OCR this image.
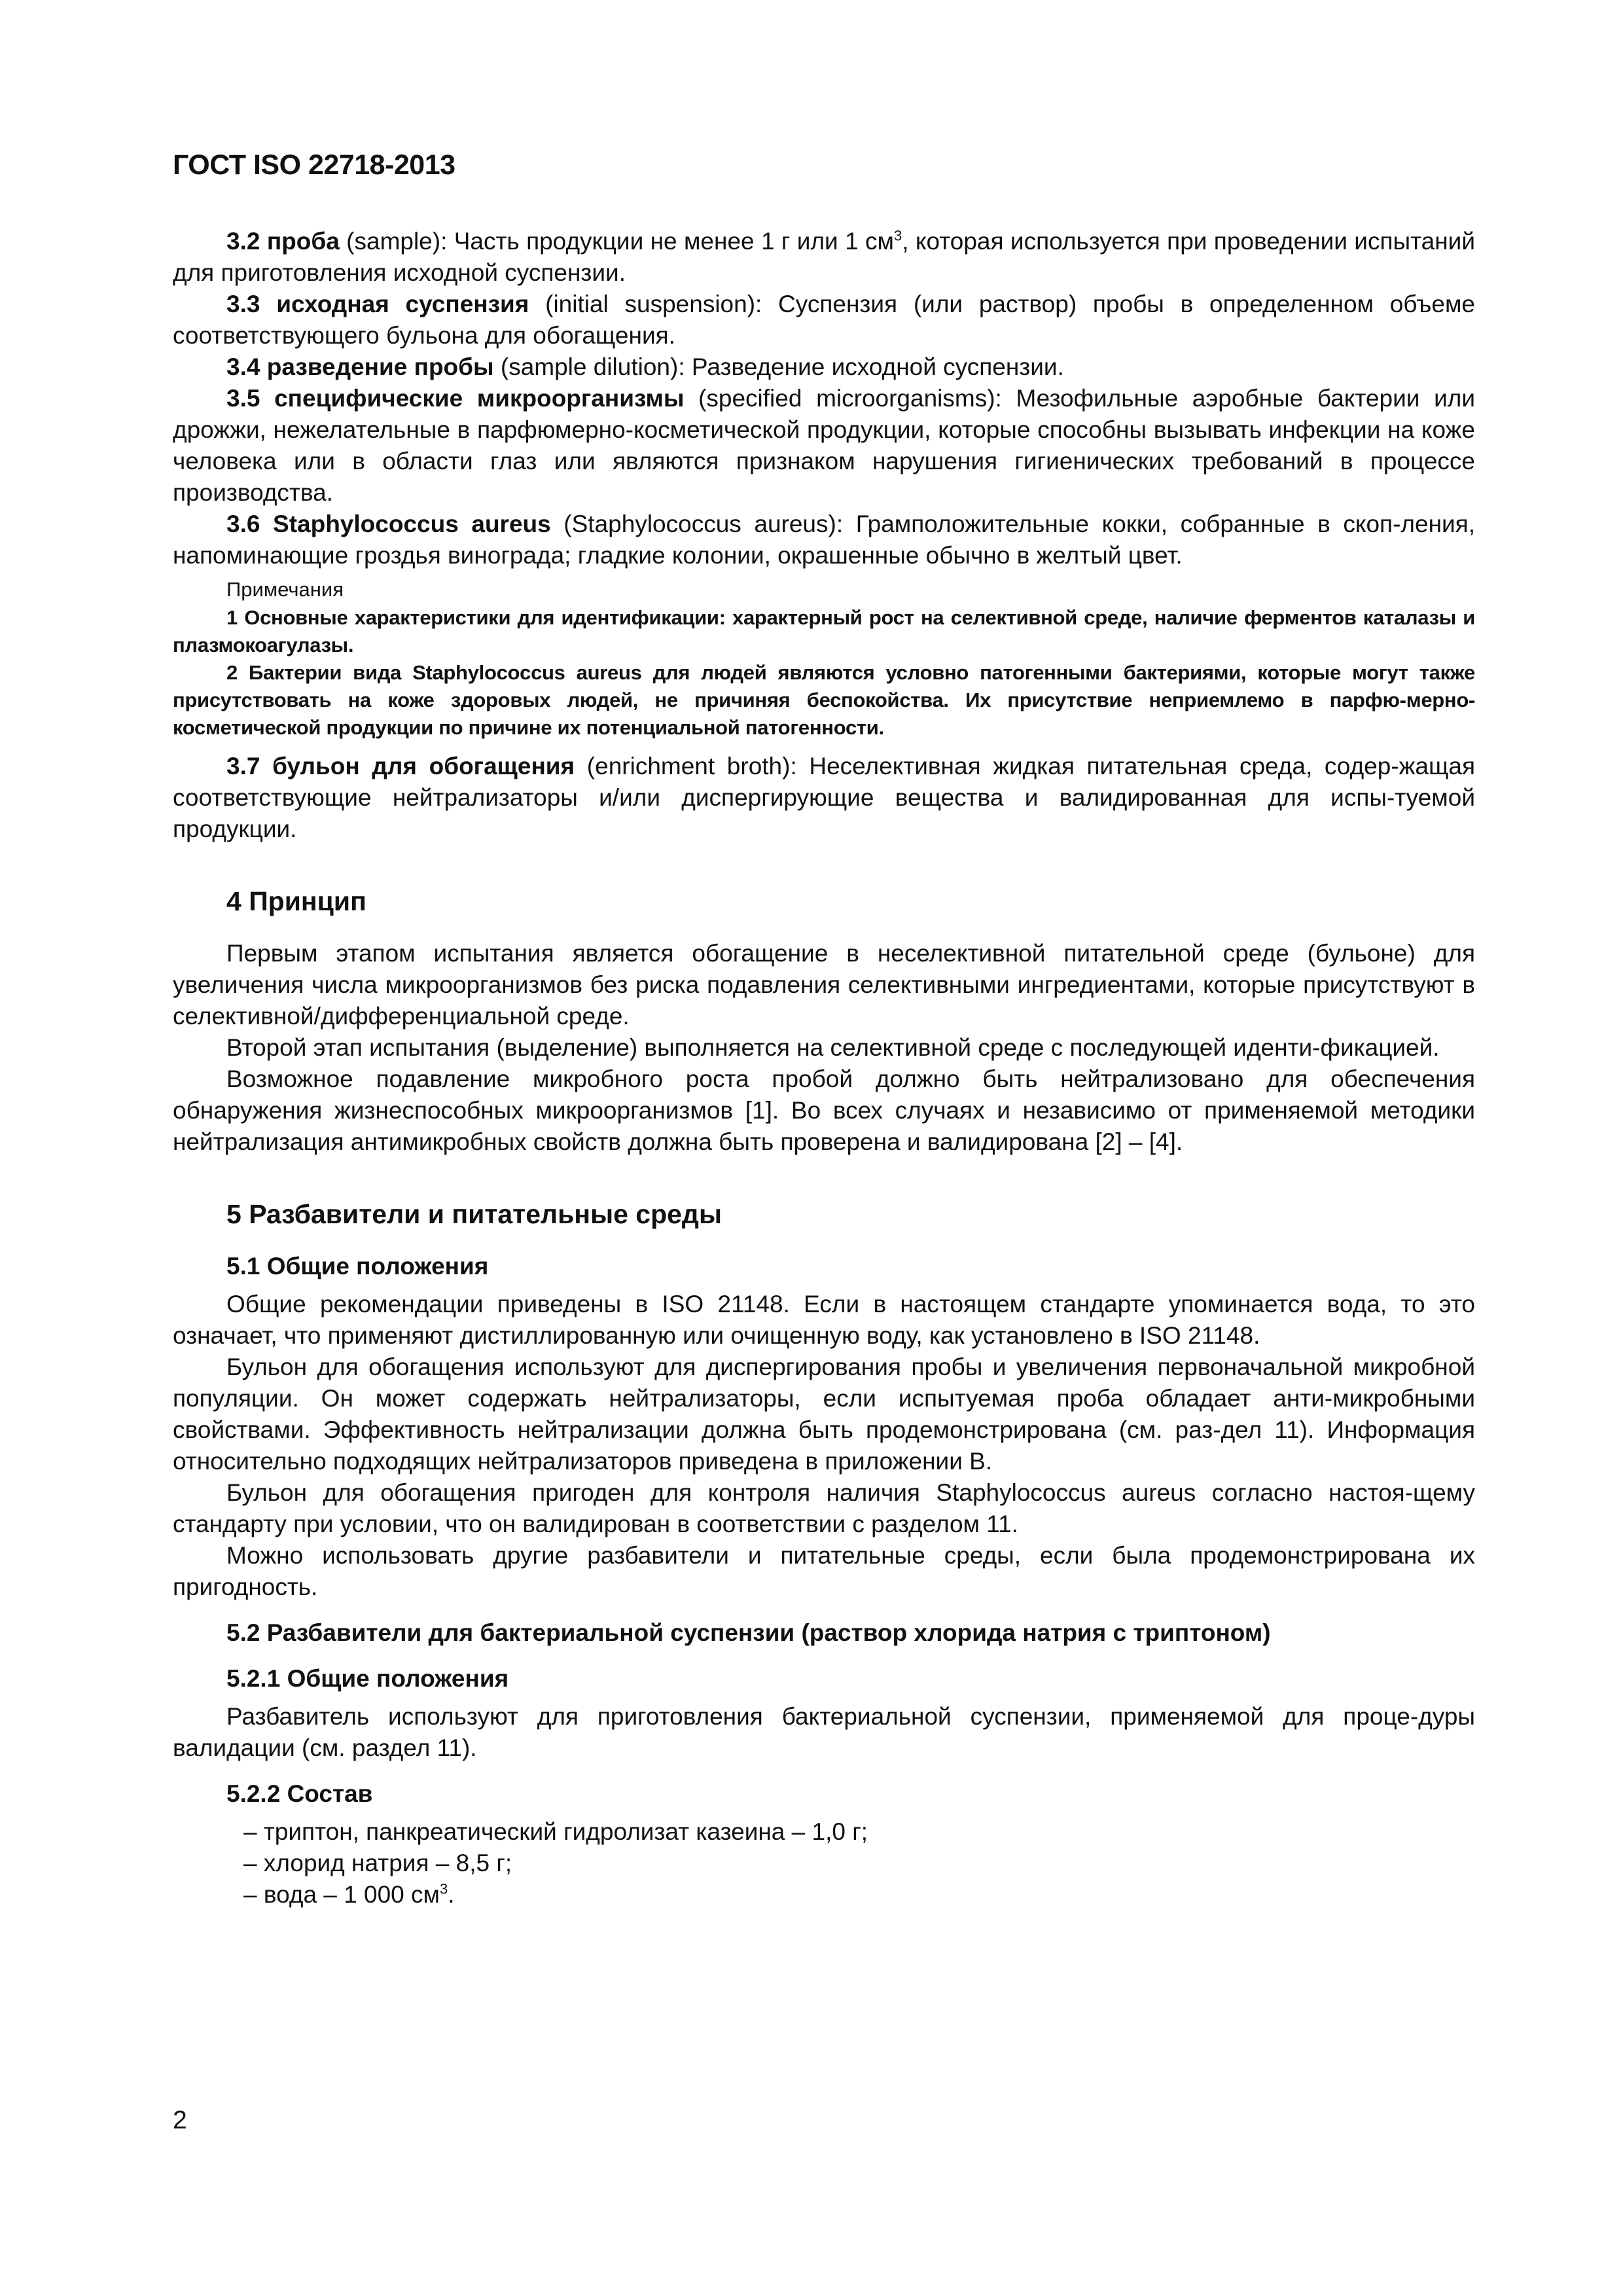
ГОСТ ISO 22718-2013

3.2 проба (sample): Часть продукции не менее 1 г или 1 $см^3$, которая используется при проведении испытаний для приготовления исходной суспензии.

3.3 исходная суспензия (initial suspension): Суспензия (или раствор) пробы в определенном объеме соответствующего бульона для обогащения.

3.4 разведение пробы (sample dilution): Разведение исходной суспензии.

3.5 специфические микроорганизмы (specified microorganisms): Мезофильные аэробные бактерии или дрожжи, нежелательные в парфюмерно-косметической продукции, которые способны вызывать инфекции на коже человека или в области глаз или являются признаком нарушения гигиенических требований в процессе производства.

3.6 Staphylococcus aureus (Staphylococcus aureus): Грамположительные кокки, собранные в скоп-ления, напоминающие гроздья винограда; гладкие колонии, окрашенные обычно в желтый цвет.

Примечания

1 Основные характеристики для идентификации: характерный рост на селективной среде, наличие ферментов каталазы и плазмокоагулазы.

2 Бактерии вида Staphylococcus aureus для людей являются условно патогенными бактериями, которые могут также присутствовать на коже здоровых людей, не причиняя беспокойства. Их присутствие неприемлемо в парфю-мерно-косметической продукции по причине их потенциальной патогенности.

3.7 бульон для обогащения (enrichment broth): Неселективная жидкая питательная среда, содер-жащая соответствующие нейтрализаторы и/или диспергирующие вещества и валидированная для испы-туемой продукции.

4 Принцип

Первым этапом испытания является обогащение в неселективной питательной среде (бульоне) для увеличения числа микроорганизмов без риска подавления селективными ингредиентами, которые присутствуют в селективной/дифференциальной среде.

Второй этап испытания (выделение) выполняется на селективной среде с последующей иденти-фикацией.

Возможное подавление микробного роста пробой должно быть нейтрализовано для обеспечения обнаружения жизнеспособных микроорганизмов [1]. Во всех случаях и независимо от применяемой методики нейтрализация антимикробных свойств должна быть проверена и валидирована [2] – [4].

5 Разбавители и питательные среды
5.1 Общие положения

Общие рекомендации приведены в ISO 21148. Если в настоящем стандарте упоминается вода, то это означает, что применяют дистиллированную или очищенную воду, как установлено в ISO 21148.

Бульон для обогащения используют для диспергирования пробы и увеличения первоначальной микробной популяции. Он может содержать нейтрализаторы, если испытуемая проба обладает анти-микробными свойствами. Эффективность нейтрализации должна быть продемонстрирована (см. раз-дел 11). Информация относительно подходящих нейтрализаторов приведена в приложении В.

Бульон для обогащения пригоден для контроля наличия Staphylococcus aureus согласно настоя-щему стандарту при условии, что он валидирован в соответствии с разделом 11.

Можно использовать другие разбавители и питательные среды, если была продемонстрирована их пригодность.

5.2 Разбавители для бактериальной суспензии (раствор хлорида натрия с триптоном)
5.2.1 Общие положения

Разбавитель используют для приготовления бактериальной суспензии, применяемой для проце-дуры валидации (см. раздел 11).

5.2.2 Состав
– триптон, панкреатический гидролизат казеина – 1,0 г;
– хлорид натрия – 8,5 г;
– вода – 1 000 $см^3$.
2
